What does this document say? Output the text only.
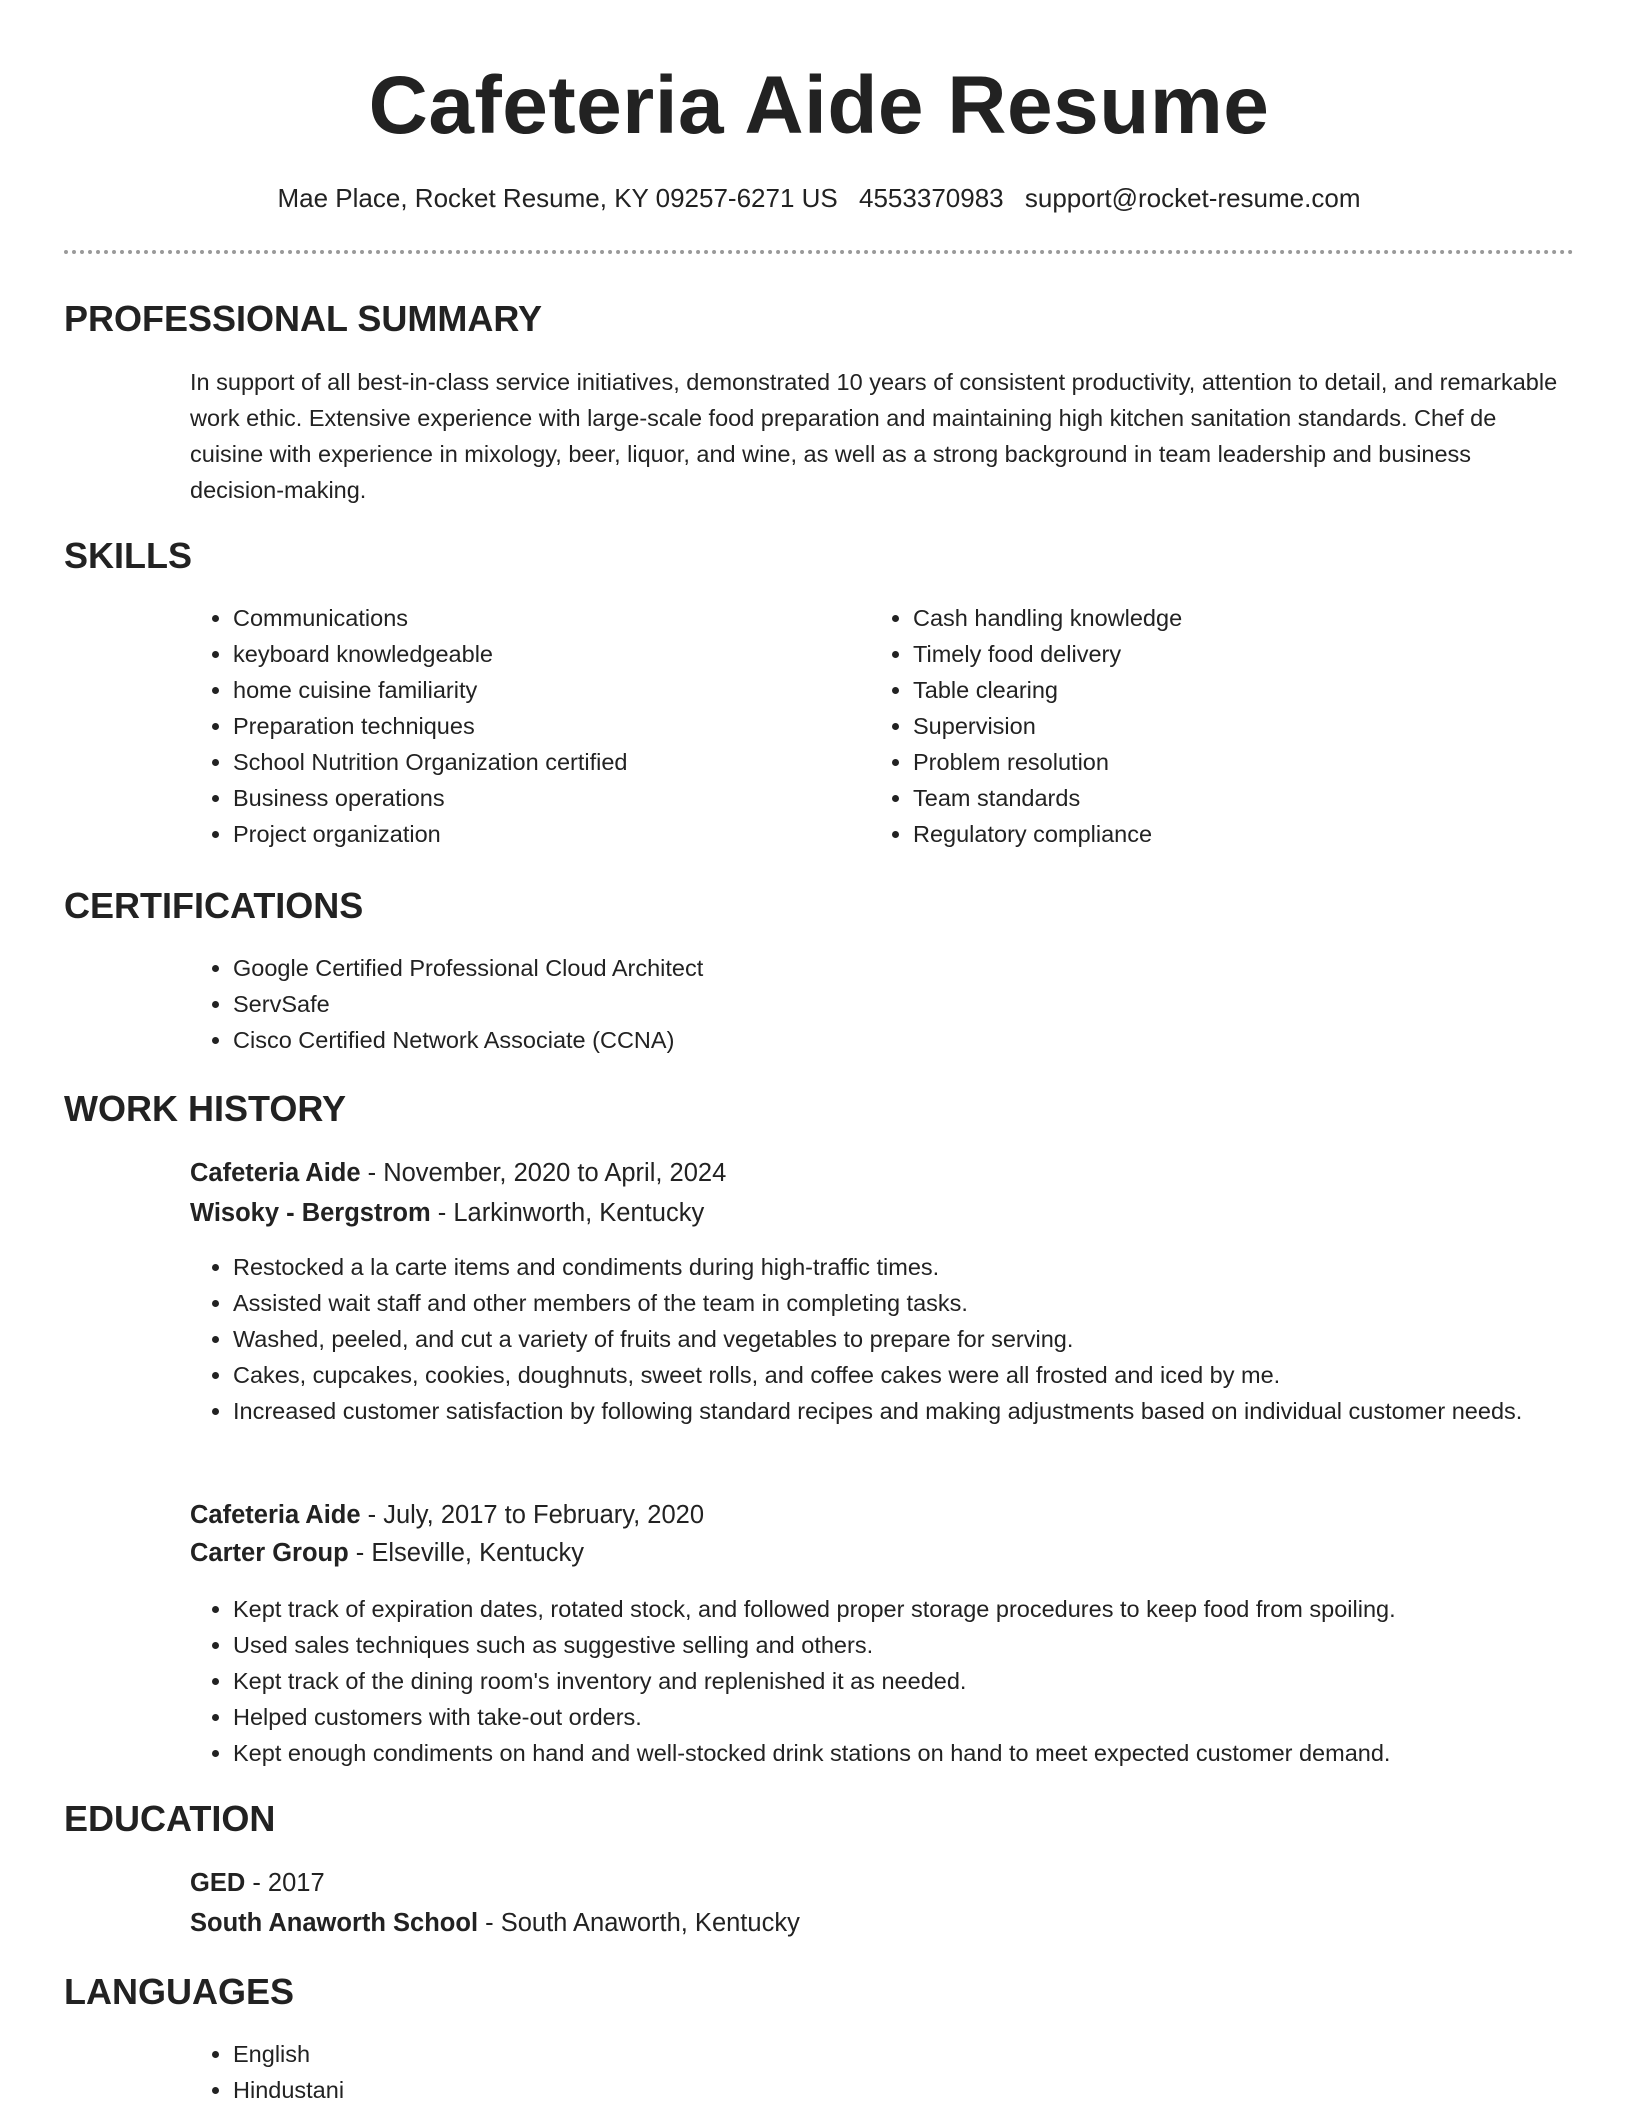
Cafeteria Aide Resume
Mae Place, Rocket Resume, KY 09257-6271 US 4553370983 support@rocket-resume.com
PROFESSIONAL SUMMARY

In support of all best-in-class service initiatives, demonstrated 10 years of consistent productivity, attention to detail, and remarkable work ethic. Extensive experience with large-scale food preparation and maintaining high kitchen sanitation standards. Chef de cuisine with experience in mixology, beer, liquor, and wine, as well as a strong background in team leadership and business decision-making.

SKILLS
• Communications
• keyboard knowledgeable
• home cuisine familiarity
• Preparation techniques
• School Nutrition Organization certified
• Business operations
• Project organization
• Cash handling knowledge
• Timely food delivery
• Table clearing
• Supervision
• Problem resolution
• Team standards
• Regulatory compliance
CERTIFICATIONS
• Google Certified Professional Cloud Architect
• ServSafe
• Cisco Certified Network Associate (CCNA)
WORK HISTORY
Cafeteria Aide - November, 2020 to April, 2024
Wisoky - Bergstrom - Larkinworth, Kentucky
• Restocked a la carte items and condiments during high-traffic times.
• Assisted wait staff and other members of the team in completing tasks.
• Washed, peeled, and cut a variety of fruits and vegetables to prepare for serving.
• Cakes, cupcakes, cookies, doughnuts, sweet rolls, and coffee cakes were all frosted and iced by me.
• Increased customer satisfaction by following standard recipes and making adjustments based on individual customer needs.
Cafeteria Aide - July, 2017 to February, 2020
Carter Group - Elseville, Kentucky
• Kept track of expiration dates, rotated stock, and followed proper storage procedures to keep food from spoiling.
• Used sales techniques such as suggestive selling and others.
• Kept track of the dining room's inventory and replenished it as needed.
• Helped customers with take-out orders.
• Kept enough condiments on hand and well-stocked drink stations on hand to meet expected customer demand.
EDUCATION
GED - 2017
South Anaworth School - South Anaworth, Kentucky
LANGUAGES
• English
• Hindustani
